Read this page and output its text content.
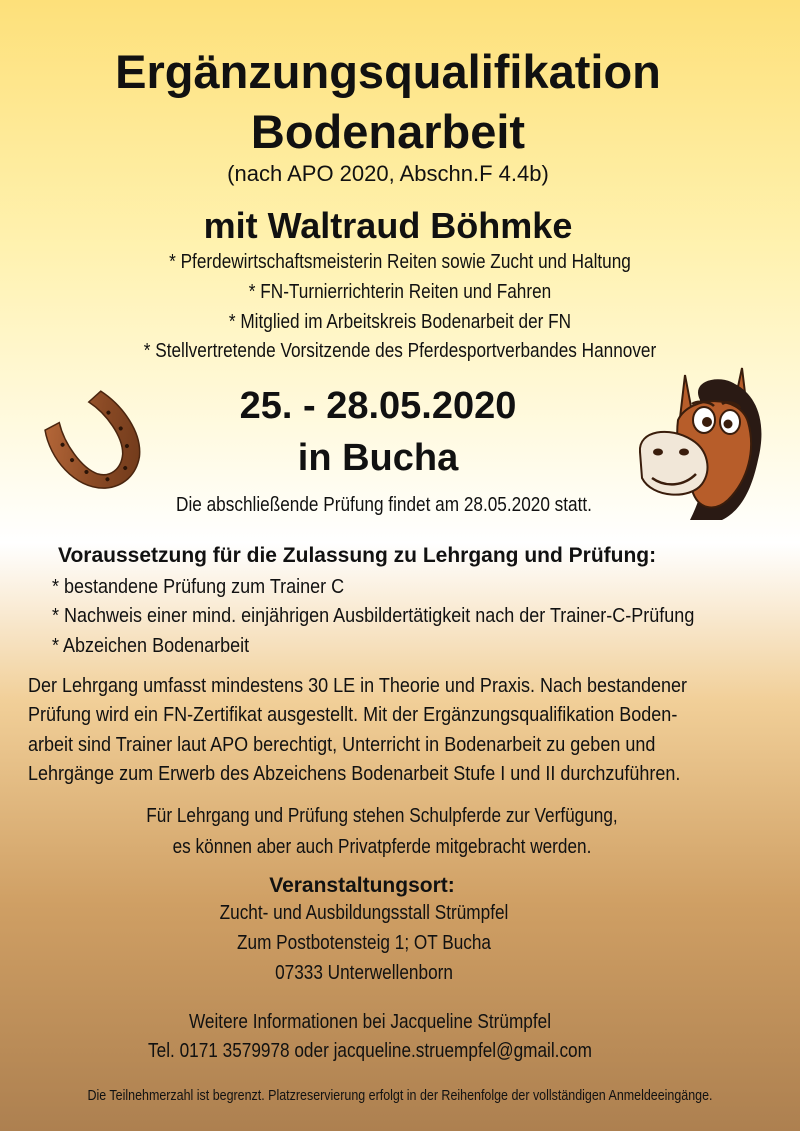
Ergänzungsqualifikation
Bodenarbeit
(nach APO 2020, Abschn.F 4.4b)
mit Waltraud Böhmke
* Pferdewirtschaftsmeisterin Reiten sowie Zucht und Haltung
* FN-Turnierrichterin Reiten und Fahren
* Mitglied im Arbeitskreis Bodenarbeit der FN
* Stellvertretende Vorsitzende des Pferdesportverbandes Hannover
25. - 28.05.2020
in Bucha
Die abschließende Prüfung findet am 28.05.2020 statt.
Voraussetzung für die Zulassung zu Lehrgang und Prüfung:
* bestandene Prüfung zum Trainer C
* Nachweis einer mind. einjährigen Ausbildertätigkeit nach der Trainer-C-Prüfung
* Abzeichen Bodenarbeit
Der Lehrgang umfasst mindestens 30 LE in Theorie und Praxis. Nach bestandener
Prüfung wird ein FN-Zertifikat ausgestellt. Mit der Ergänzungsqualifikation Boden-
arbeit sind Trainer laut APO berechtigt, Unterricht in Bodenarbeit zu geben und
Lehrgänge zum Erwerb des Abzeichens Bodenarbeit Stufe I und II durchzuführen.
Für Lehrgang und Prüfung stehen Schulpferde zur Verfügung,
es können aber auch Privatpferde mitgebracht werden.
Veranstaltungsort:
Zucht- und Ausbildungsstall Strümpfel
Zum Postbotensteig 1; OT Bucha
07333 Unterwellenborn
Weitere Informationen bei Jacqueline Strümpfel
Tel. 0171 3579978 oder jacqueline.struempfel@gmail.com
Die Teilnehmerzahl ist begrenzt. Platzreservierung erfolgt in der Reihenfolge der vollständigen Anmeldeeingänge.
